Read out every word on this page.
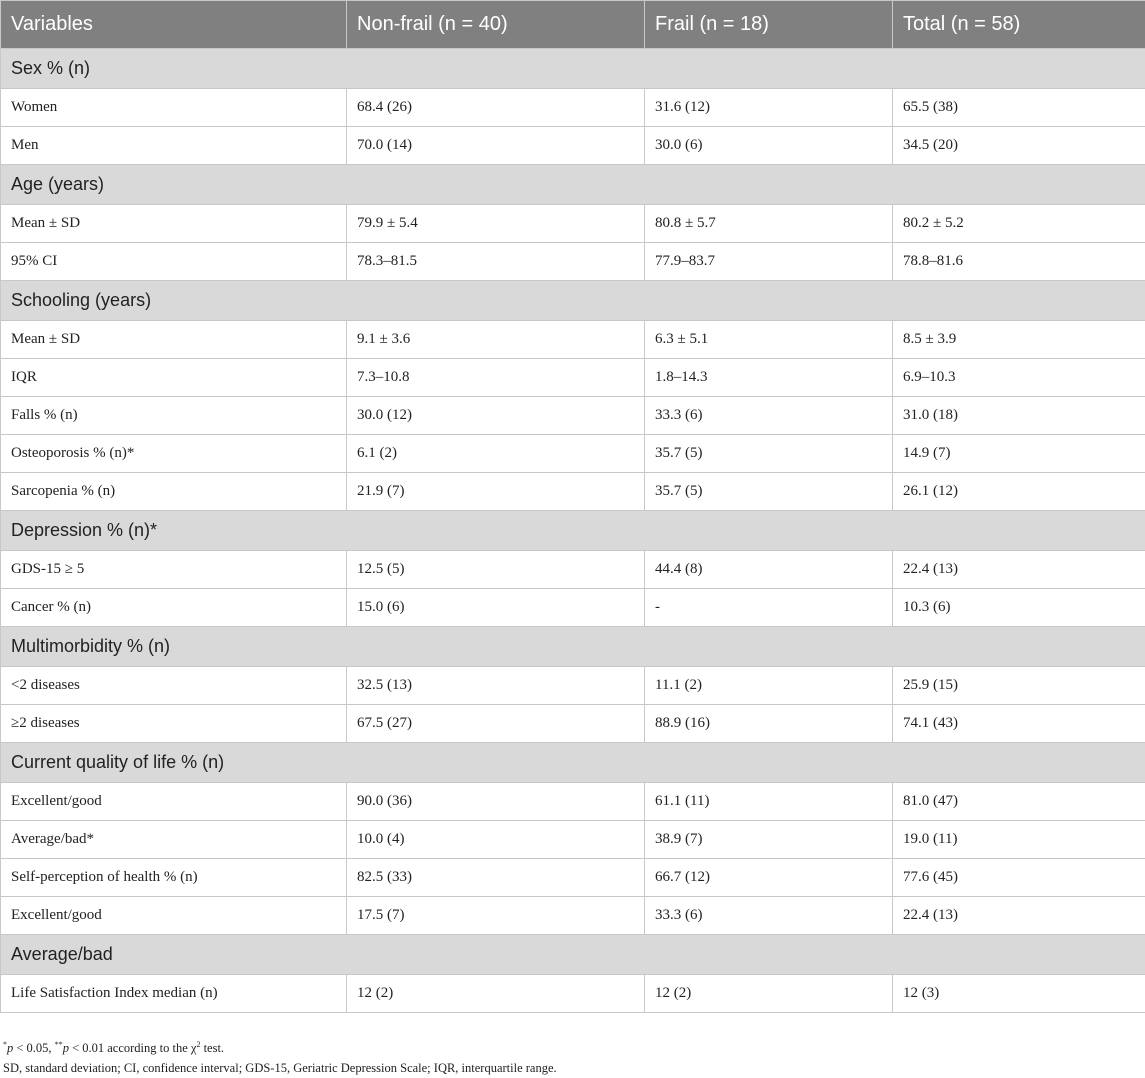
Variables	Non-frail (n = 40)	Frail (n = 18)	Total (n = 58)
Sex % (n)			
Women	68.4 (26)	31.6 (12)	65.5 (38)
Men	70.0 (14)	30.0 (6)	34.5 (20)
Age (years)			
Mean ± SD	79.9 ± 5.4	80.8 ± 5.7	80.2 ± 5.2
95% CI	78.3–81.5	77.9–83.7	78.8–81.6
Schooling (years)			
Mean ± SD	9.1 ± 3.6	6.3 ± 5.1	8.5 ± 3.9
IQR	7.3–10.8	1.8–14.3	6.9–10.3
Falls % (n)	30.0 (12)	33.3 (6)	31.0 (18)
Osteoporosis % (n)*	6.1 (2)	35.7 (5)	14.9 (7)
Sarcopenia % (n)	21.9 (7)	35.7 (5)	26.1 (12)
Depression % (n)*			
GDS-15 ≥ 5	12.5 (5)	44.4 (8)	22.4 (13)
Cancer % (n)	15.0 (6)	-	10.3 (6)
Multimorbidity % (n)			
<2 diseases	32.5 (13)	11.1 (2)	25.9 (15)
≥2 diseases	67.5 (27)	88.9 (16)	74.1 (43)
Current quality of life % (n)			
Excellent/good	90.0 (36)	61.1 (11)	81.0 (47)
Average/bad*	10.0 (4)	38.9 (7)	19.0 (11)
Self-perception of health % (n)	82.5 (33)	66.7 (12)	77.6 (45)
Excellent/good	17.5 (7)	33.3 (6)	22.4 (13)
Average/bad			
Life Satisfaction Index median (n)	12 (2)	12 (2)	12 (3)
*p < 0.05, **p < 0.01 according to the $\chi^2$ test.
SD, standard deviation; CI, confidence interval; GDS-15, Geriatric Depression Scale; IQR, interquartile range.
